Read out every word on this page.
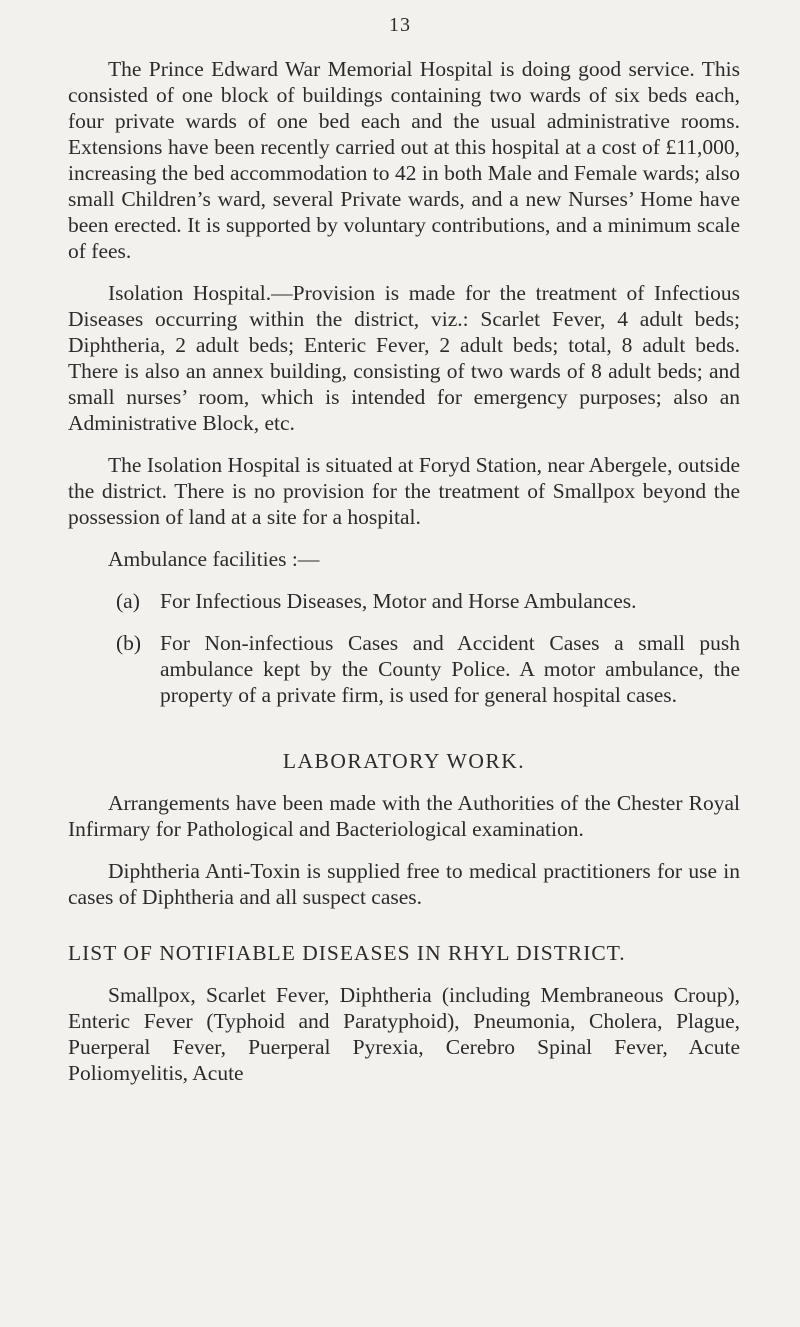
13

The Prince Edward War Memorial Hospital is doing good service. This consisted of one block of buildings containing two wards of six beds each, four private wards of one bed each and the usual administrative rooms. Extensions have been recently carried out at this hospital at a cost of £11,000, increasing the bed accommodation to 42 in both Male and Female wards; also small Children’s ward, several Private wards, and a new Nurses’ Home have been erected. It is supported by voluntary contributions, and a minimum scale of fees.

Isolation Hospital.—Provision is made for the treatment of Infectious Diseases occurring within the district, viz.: Scarlet Fever, 4 adult beds; Diphtheria, 2 adult beds; Enteric Fever, 2 adult beds; total, 8 adult beds. There is also an annex building, consisting of two wards of 8 adult beds; and small nurses’ room, which is intended for emergency purposes; also an Administrative Block, etc.

The Isolation Hospital is situated at Foryd Station, near Abergele, outside the district. There is no provision for the treatment of Smallpox beyond the possession of land at a site for a hospital.

Ambulance facilities :—

(a) For Infectious Diseases, Motor and Horse Ambulances.
(b) For Non-infectious Cases and Accident Cases a small push ambulance kept by the County Police. A motor ambulance, the property of a private firm, is used for general hospital cases.
LABORATORY WORK.

Arrangements have been made with the Authorities of the Chester Royal Infirmary for Pathological and Bacteriological examination.

Diphtheria Anti-Toxin is supplied free to medical practitioners for use in cases of Diphtheria and all suspect cases.

LIST OF NOTIFIABLE DISEASES IN RHYL DISTRICT.

Smallpox, Scarlet Fever, Diphtheria (including Membraneous Croup), Enteric Fever (Typhoid and Paratyphoid), Pneumonia, Cholera, Plague, Puerperal Fever, Puerperal Pyrexia, Cerebro Spinal Fever, Acute Poliomyelitis, Acute
